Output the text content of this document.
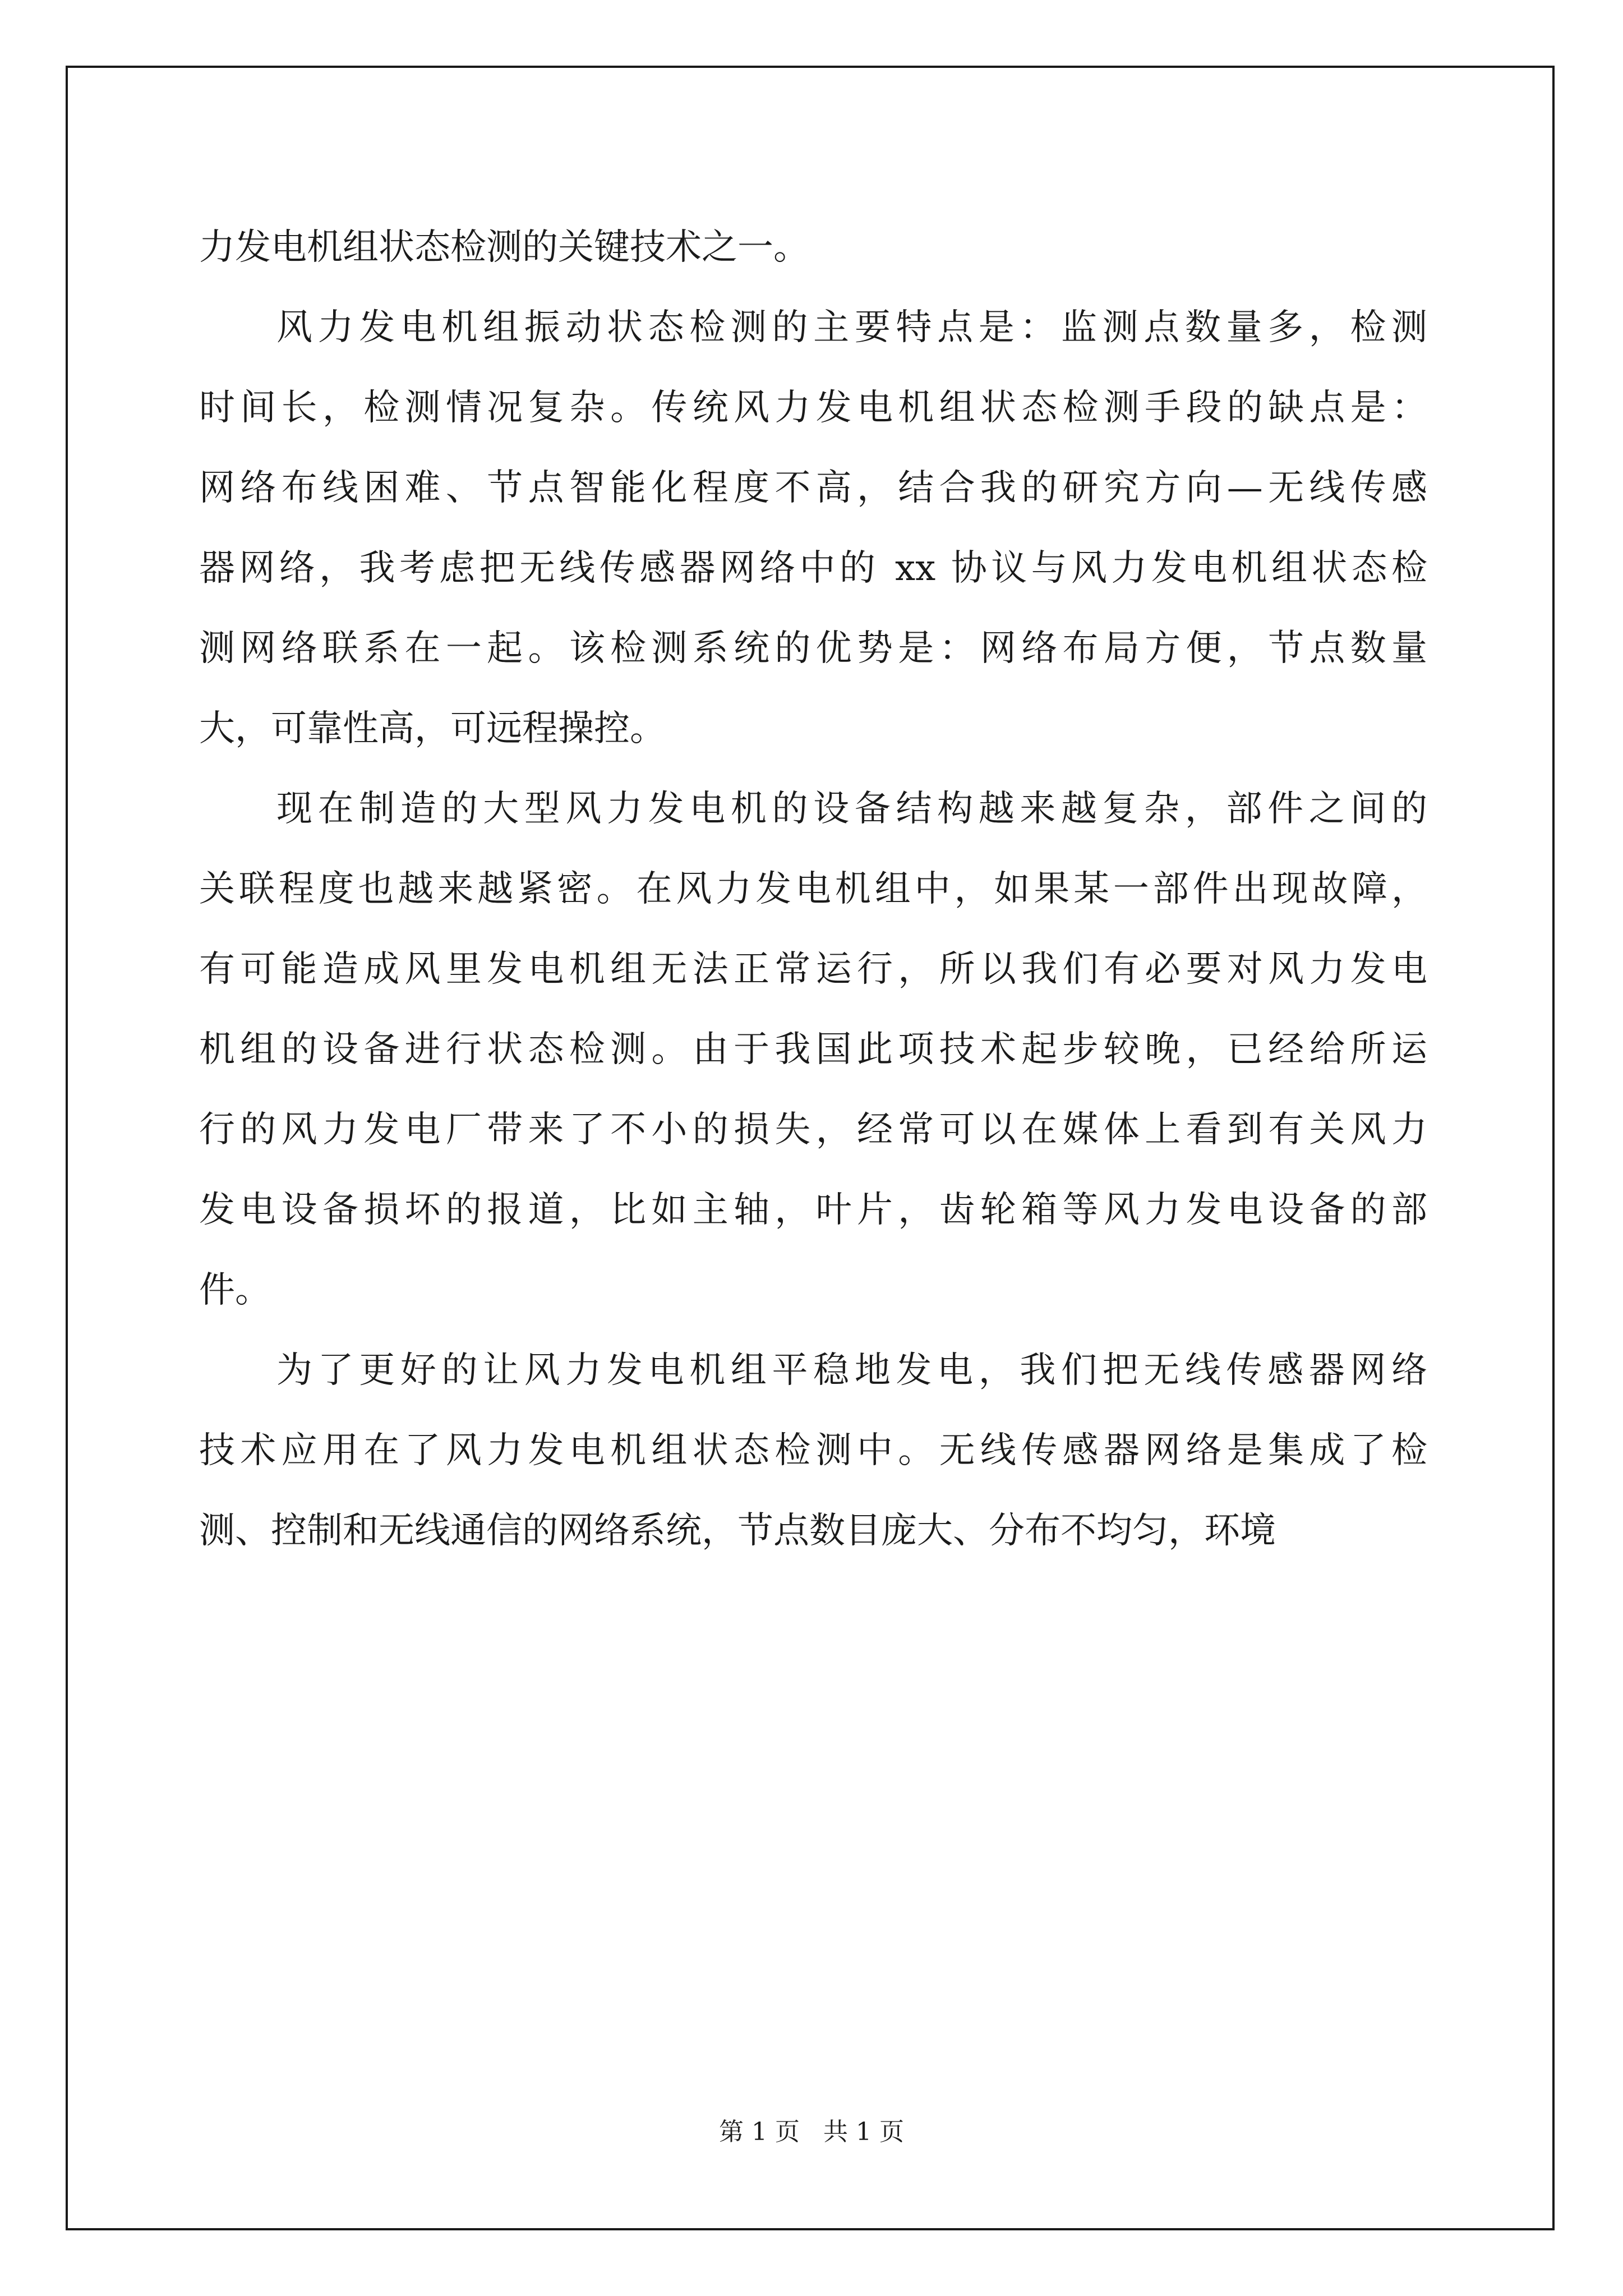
力发电机组状态检测的关键技术之一。
风力发电机组振动状态检测的主要特点是：监测点数量多，检测
时间长，检测情况复杂。传统风力发电机组状态检测手段的缺点是：
网络布线困难、节点智能化程度不高，结合我的研究方向—无线传感
器网络，我考虑把无线传感器网络中的 xx 协议与风力发电机组状态检
测网络联系在一起。该检测系统的优势是：网络布局方便，节点数量
大，可靠性高，可远程操控。
现在制造的大型风力发电机的设备结构越来越复杂，部件之间的
关联程度也越来越紧密。在风力发电机组中，如果某一部件出现故障，
有可能造成风里发电机组无法正常运行，所以我们有必要对风力发电
机组的设备进行状态检测。由于我国此项技术起步较晚，已经给所运
行的风力发电厂带来了不小的损失，经常可以在媒体上看到有关风力
发电设备损坏的报道，比如主轴，叶片，齿轮箱等风力发电设备的部
件。
为了更好的让风力发电机组平稳地发电，我们把无线传感器网络
技术应用在了风力发电机组状态检测中。无线传感器网络是集成了检
测、控制和无线通信的网络系统，节点数目庞大、分布不均匀，环境
第 1 页 共 1 页
